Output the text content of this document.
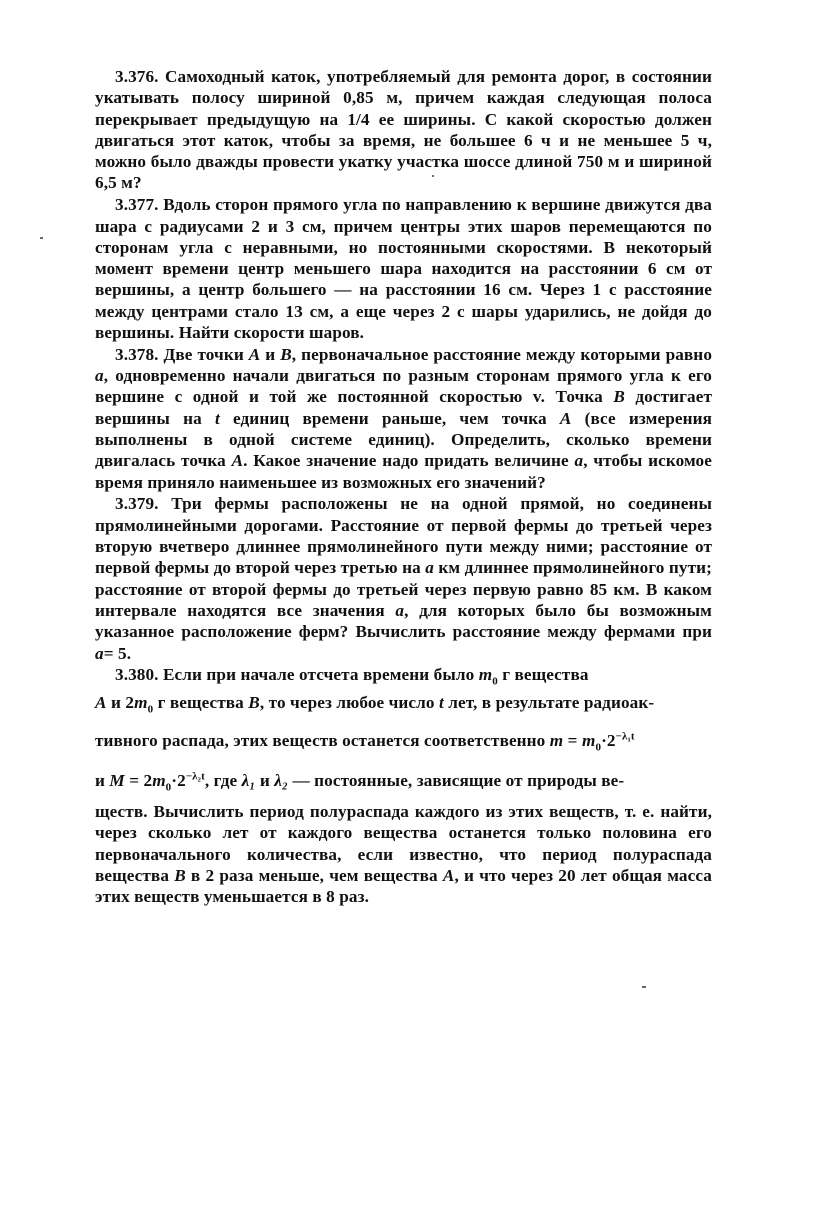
3.376. Самоходный каток, употребляемый для ремонта дорог, в состоянии укатывать полосу шириной 0,85 м, причем каждая следующая полоса перекрывает предыдущую на 1/4 ее ширины. С какой скоростью должен двигаться этот каток, чтобы за время, не большее 6 ч и не меньшее 5 ч, можно было дважды провести укатку участка шоссе длиной 750 м и шириной 6,5 м?

3.377. Вдоль сторон прямого угла по направлению к вершине движутся два шара с радиусами 2 и 3 см, причем центры этих шаров перемещаются по сторонам угла с неравными, но постоянными скоростями. В некоторый момент времени центр меньшего шара находится на расстоянии 6 см от вершины, а центр большего — на расстоянии 16 см. Через 1 с расстояние между центрами стало 13 см, а еще через 2 с шары ударились, не дойдя до вершины. Найти скорости шаров.

3.378. Две точки A и B, первоначальное расстояние между которыми равно a, одновременно начали двигаться по разным сторонам прямого угла к его вершине с одной и той же постоянной скоростью v. Точка B достигает вершины на t единиц времени раньше, чем точка A (все измерения выполнены в одной системе единиц). Определить, сколько времени двигалась точка A. Какое значение надо придать величине a, чтобы искомое время приняло наименьшее из возможных его значений?

3.379. Три фермы расположены не на одной прямой, но соединены прямолинейными дорогами. Расстояние от первой фермы до третьей через вторую вчетверо длиннее прямолинейного пути между ними; расстояние от первой фермы до второй через третью на a км длиннее прямолинейного пути; расстояние от второй фермы до третьей через первую равно 85 км. В каком интервале находятся все значения a, для которых было бы возможным указанное расположение ферм? Вычислить расстояние между фермами при a= 5.

3.380. Если при начале отсчета времени было $m_0$ г вещества
A и $2m_0$ г вещества B, то через любое число t лет, в результате радиоак-
тивного распада, этих веществ останется соответственно $m = m_0\cdot 2^{-\lambda_1t}$
и $M = 2m_0\cdot 2^{-\lambda_2t}$, где λ₁ и λ₂ — постоянные, зависящие от природы ве-
ществ. Вычислить период полураспада каждого из этих веществ, т. е. найти, через сколько лет от каждого вещества останется только половина его первоначального количества, если известно, что период полураспада вещества B в 2 раза меньше, чем вещества A, и что через 20 лет общая масса этих веществ уменьшается в 8 раз.
